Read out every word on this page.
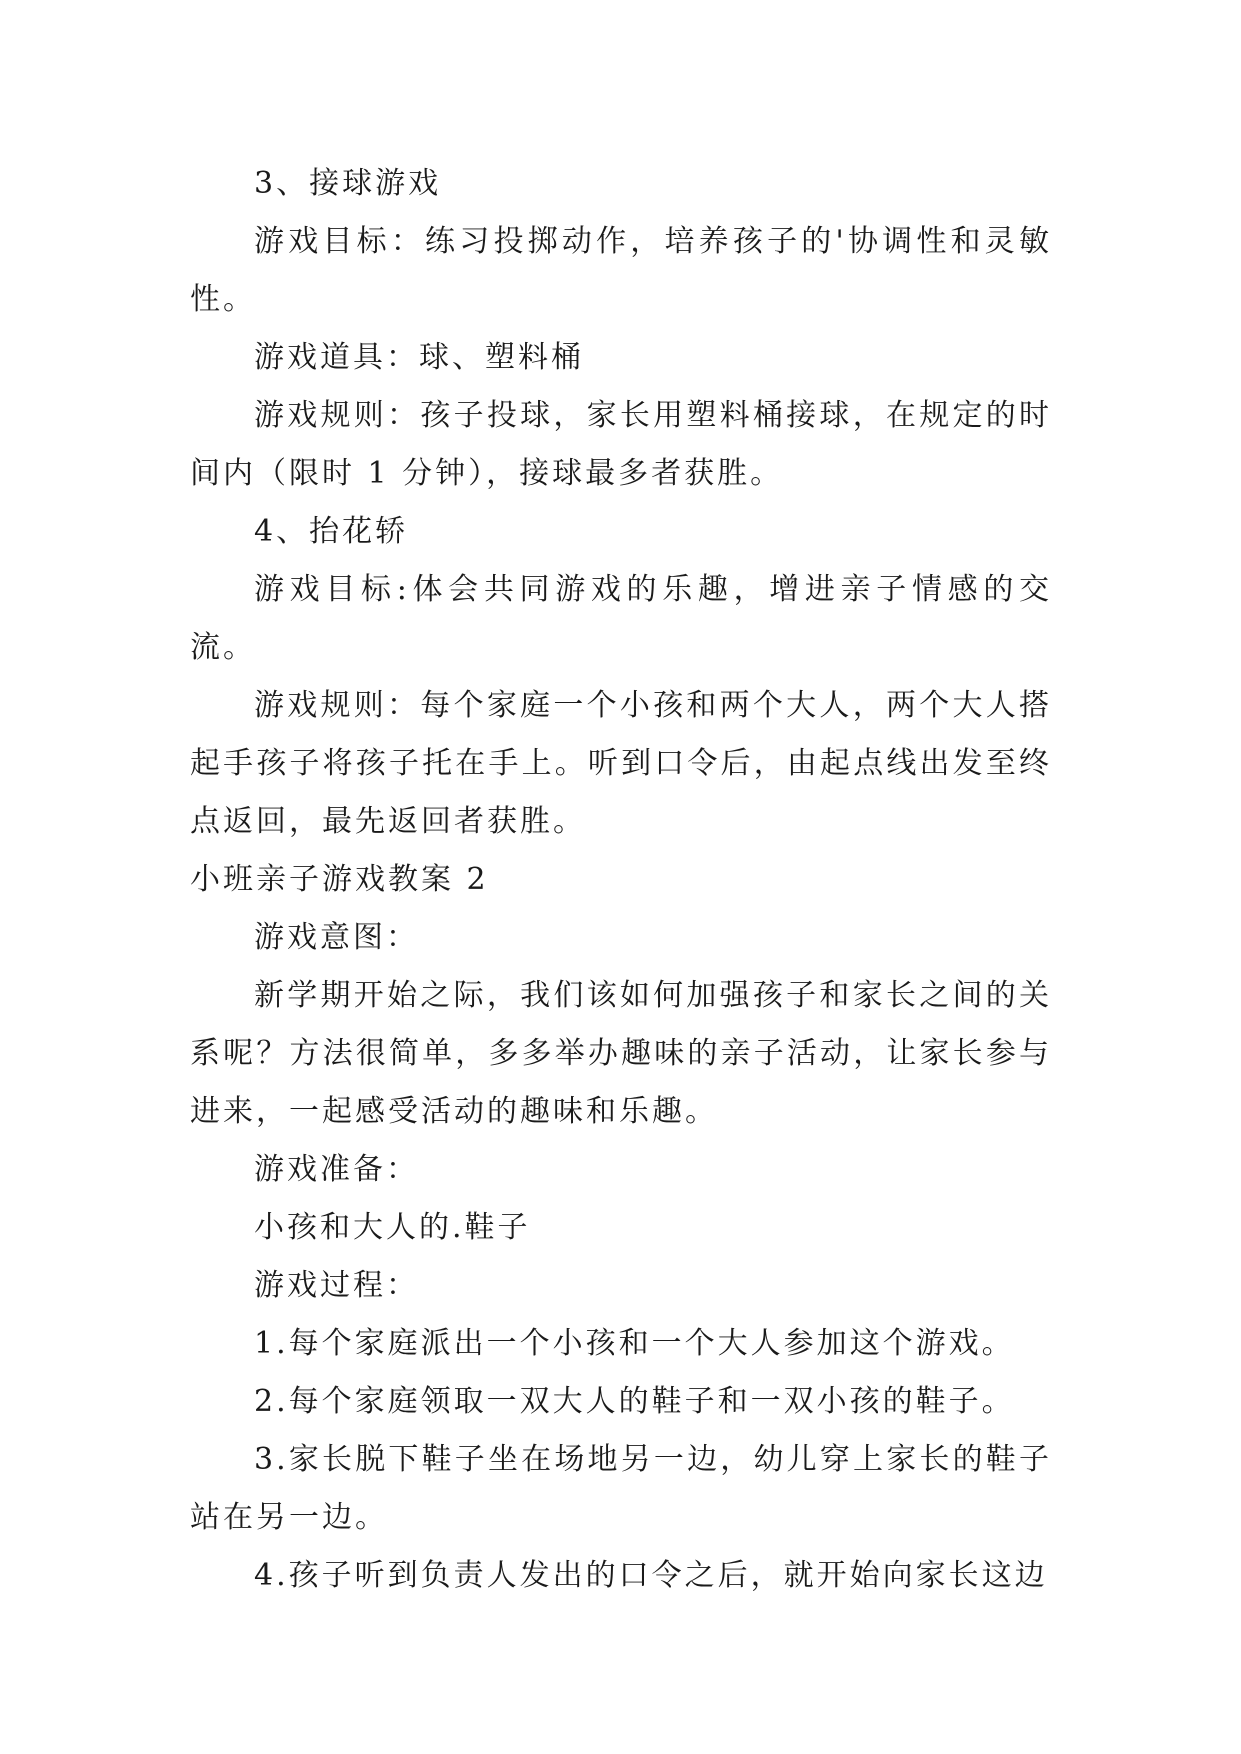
3、接球游戏

游戏目标：练习投掷动作，培养孩子的'协调性和灵敏性。

游戏道具：球、塑料桶

游戏规则：孩子投球，家长用塑料桶接球，在规定的时间内（限时 1 分钟），接球最多者获胜。

4、抬花轿

游戏目标:体会共同游戏的乐趣，增进亲子情感的交流。

游戏规则：每个家庭一个小孩和两个大人，两个大人搭起手孩子将孩子托在手上。听到口令后，由起点线出发至终点返回，最先返回者获胜。

小班亲子游戏教案 2

游戏意图：

新学期开始之际，我们该如何加强孩子和家长之间的关系呢？方法很简单，多多举办趣味的亲子活动，让家长参与进来，一起感受活动的趣味和乐趣。

游戏准备：

小孩和大人的.鞋子

游戏过程：

1.每个家庭派出一个小孩和一个大人参加这个游戏。

2.每个家庭领取一双大人的鞋子和一双小孩的鞋子。

3.家长脱下鞋子坐在场地另一边，幼儿穿上家长的鞋子站在另一边。

4.孩子听到负责人发出的口令之后，就开始向家长这边
